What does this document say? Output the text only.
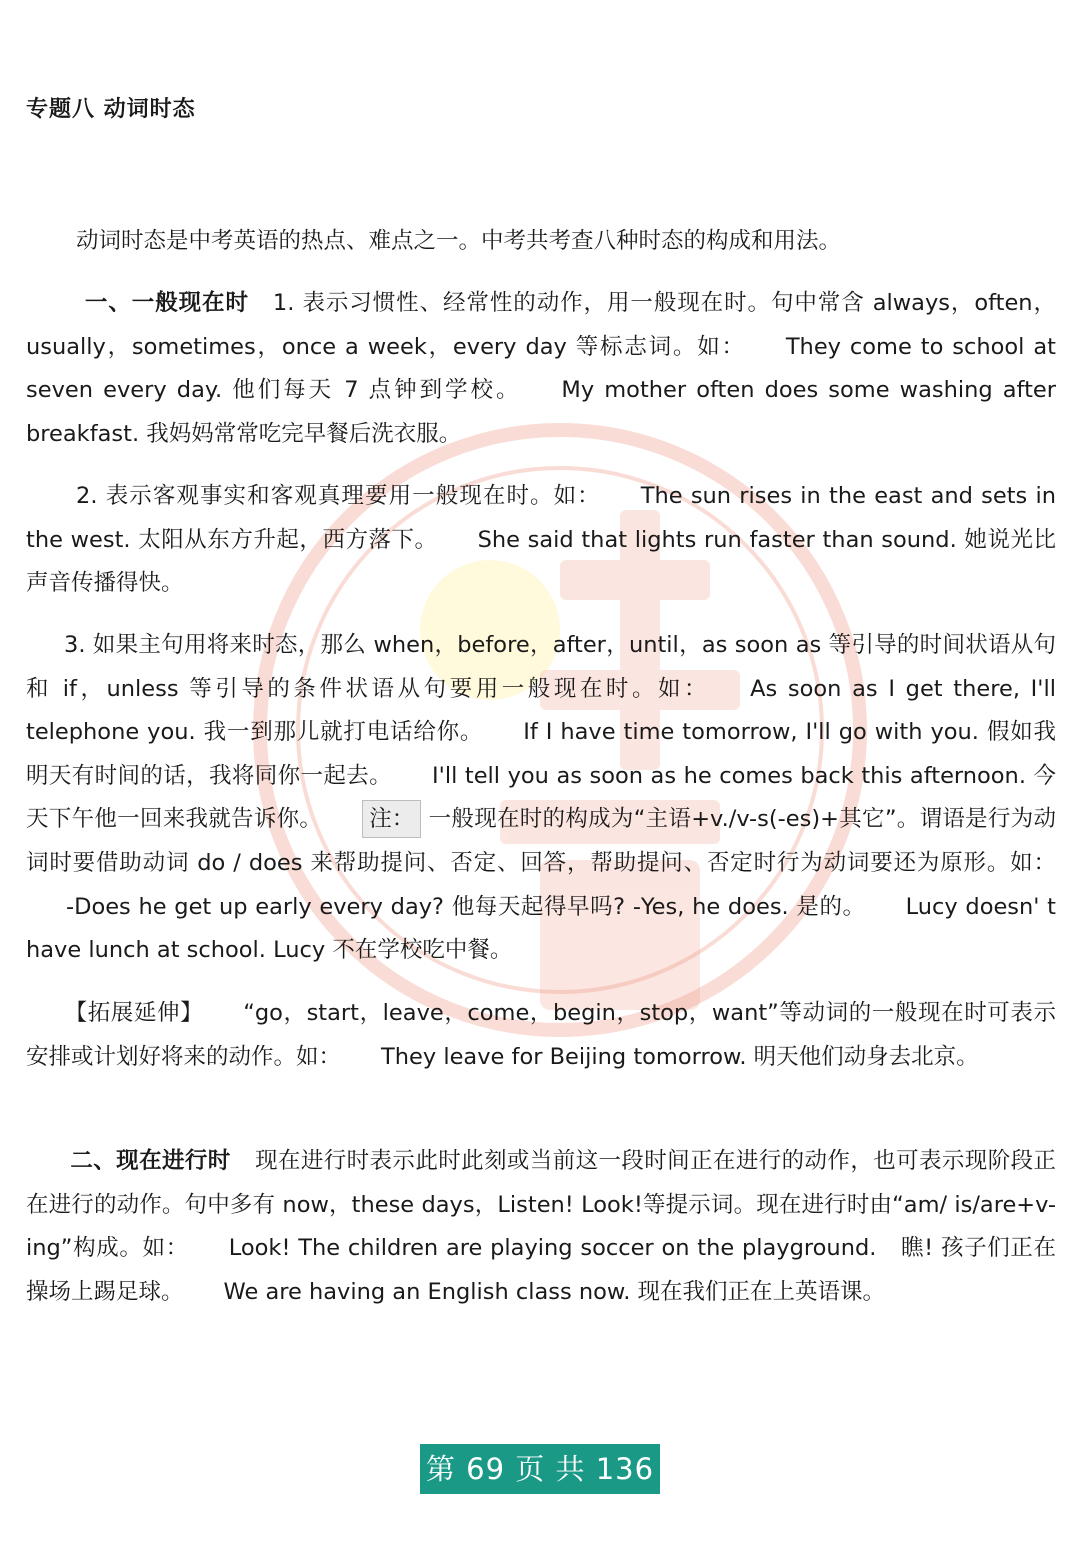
专题八 动词时态

动词时态是中考英语的热点、难点之一。中考共考查八种时态的构成和用法。

一、一般现在时 1. 表示习惯性、经常性的动作，用一般现在时。句中常含 always，often，usually，sometimes，once a week，every day 等标志词。如： They come to school at seven every day. 他们每天 7 点钟到学校。 My mother often does some washing after breakfast. 我妈妈常常吃完早餐后洗衣服。

2. 表示客观事实和客观真理要用一般现在时。如： The sun rises in the east and sets in the west. 太阳从东方升起，西方落下。 She said that lights run faster than sound. 她说光比声音传播得快。

3. 如果主句用将来时态，那么 when，before，after，until，as soon as 等引导的时间状语从句和 if，unless 等引导的条件状语从句要用一般现在时。如： As soon as I get there, I'll telephone you. 我一到那儿就打电话给你。 If I have time tomorrow, I'll go with you. 假如我明天有时间的话，我将同你一起去。 I'll tell you as soon as he comes back this afternoon. 今天下午他一回来我就告诉你。 注： 一般现在时的构成为“主语+v./v-s(-es)+其它”。谓语是行为动词时要借助动词 do / does 来帮助提问、否定、回答，帮助提问、否定时行为动词要还为原形。如：-Does he get up early every day? 他每天起得早吗? -Yes, he does. 是的。 Lucy doesn' t have lunch at school. Lucy 不在学校吃中餐。

【拓展延伸】 “go，start，leave，come，begin，stop，want”等动词的一般现在时可表示安排或计划好将来的动作。如： They leave for Beijing tomorrow. 明天他们动身去北京。

二、现在进行时 现在进行时表示此时此刻或当前这一段时间正在进行的动作，也可表示现阶段正在进行的动作。句中多有 now，these days，Listen! Look!等提示词。现在进行时由“am/ is/are+v-ing”构成。如： Look! The children are playing soccer on the playground. 瞧! 孩子们正在操场上踢足球。 We are having an English class now. 现在我们正在上英语课。

第 69 页 共 136 页
